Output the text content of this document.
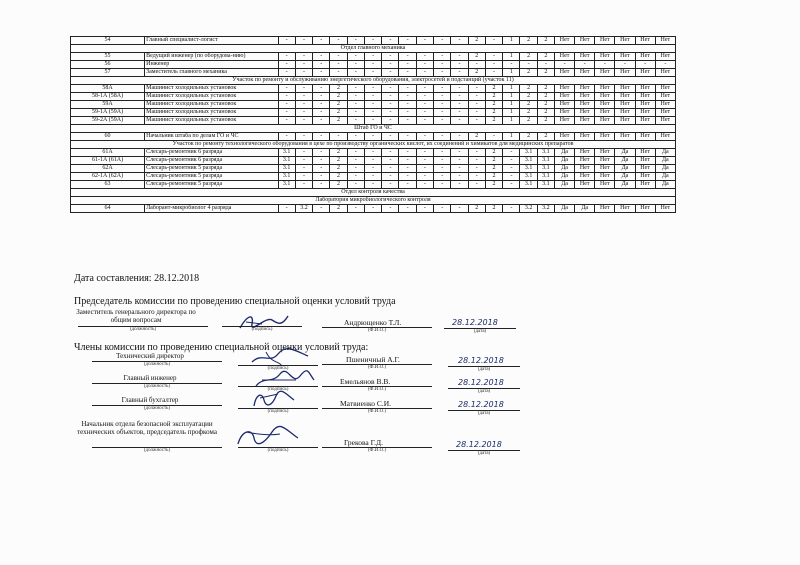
54	Главный специалист-логист	-	-	-	-	-	-	-	-	-	-	-	2	-	1	2	2	Нет	Нет	Нет	Нет	Нет	Нет
Отдел главного механика																							
55	Ведущий инженер (по оборудова-нию)	-	-	-	-	-	-	-	-	-	-	-	2	-	1	2	2	Нет	Нет	Нет	Нет	Нет	Нет
56	Инженер	-	-	-	-	-	-	-	-	-	-	-	-	-	-	-	-	-	-	-	-	-	-
57	Заместитель главного механика	-	-	-	-	-	-	-	-	-	-	-	2	-	1	2	2	Нет	Нет	Нет	Нет	Нет	Нет
Участок по ремонту и обслуживанию энергетического оборудования, электросетей и подстанций (участок 11)																							
58А	Машинист холодильных установок	-	-	-	2	-	-	-	-	-	-	-	-	2	1	2	2	Нет	Нет	Нет	Нет	Нет	Нет
58-1А (58А)	Машинист холодильных установок	-	-	-	2	-	-	-	-	-	-	-	-	2	1	2	2	Нет	Нет	Нет	Нет	Нет	Нет
59А	Машинист холодильных установок	-	-	-	2	-	-	-	-	-	-	-	-	2	1	2	2	Нет	Нет	Нет	Нет	Нет	Нет
59-1А (59А)	Машинист холодильных установок	-	-	-	2	-	-	-	-	-	-	-	-	2	1	2	2	Нет	Нет	Нет	Нет	Нет	Нет
59-2А (59А)	Машинист холодильных установок	-	-	-	2	-	-	-	-	-	-	-	-	2	1	2	2	Нет	Нет	Нет	Нет	Нет	Нет
Штаб ГО и ЧС																							
60	Начальник штаба по делам ГО и ЧС	-	-	-	-	-	-	-	-	-	-	-	2	-	1	2	2	Нет	Нет	Нет	Нет	Нет	Нет
Участок по ремонту технологического оборудования в цехе по производству органических кислот, их соединений и химикатов для медицинских препаратов																							
61А	Слесарь-ремонтник 6 разряда	3.1	-	-	2	-	-	-	-	-	-	-	-	2	-	3.1	3.1	Да	Нет	Нет	Да	Нет	Да
61-1А (61А)	Слесарь-ремонтник 6 разряда	3.1	-	-	2	-	-	-	-	-	-	-	-	2	-	3.1	3.1	Да	Нет	Нет	Да	Нет	Да
62А	Слесарь-ремонтник 5 разряда	3.1	-	-	2	-	-	-	-	-	-	-	-	2	-	3.1	3.1	Да	Нет	Нет	Да	Нет	Да
62-1А (62А)	Слесарь-ремонтник 5 разряда	3.1	-	-	2	-	-	-	-	-	-	-	-	2	-	3.1	3.1	Да	Нет	Нет	Да	Нет	Да
63	Слесарь-ремонтник 5 разряда	3.1	-	-	2	-	-	-	-	-	-	-	-	2	-	3.1	3.1	Да	Нет	Нет	Да	Нет	Да
Отдел контроля качества																							
Лаборатория микробиологического контроля																							
64	Лаборант-микробиолог 4 разряда	-	3.2	-	2	-	-	-	-	-	-	-	2	2	-	3.2	3.2	Да	Да	Нет	Нет	Нет	Нет
Дата составления: 28.12.2018
Председатель комиссии по проведению специальной оценки условий труда
Заместитель генерального директора по общим вопросам
(должность)	(подпись)
Андрющенко Т.Л.
(Ф.И.О.)
28.12.2018
(дата)
Члены комиссии по проведению специальной оценки условий труда:
Технический директор
(должность)
(подпись)
Пшеничный А.Г.
(Ф.И.О.)
28.12.2018
(дата)
Главный инженер
(должность)
(подпись)
Емельянов В.В.
(Ф.И.О.)
28.12.2018
(дата)
Главный бухгалтер
(должность)
(подпись)
Матвиенко С.И.
(Ф.И.О.)
28.12.2018
(дата)
Начальник отдела безопасной эксплуатации технических объектов, председатель профкома
(должность)	(подпись)
Грекова Г.Д.
(Ф.И.О.)
28.12.2018
(дата)
